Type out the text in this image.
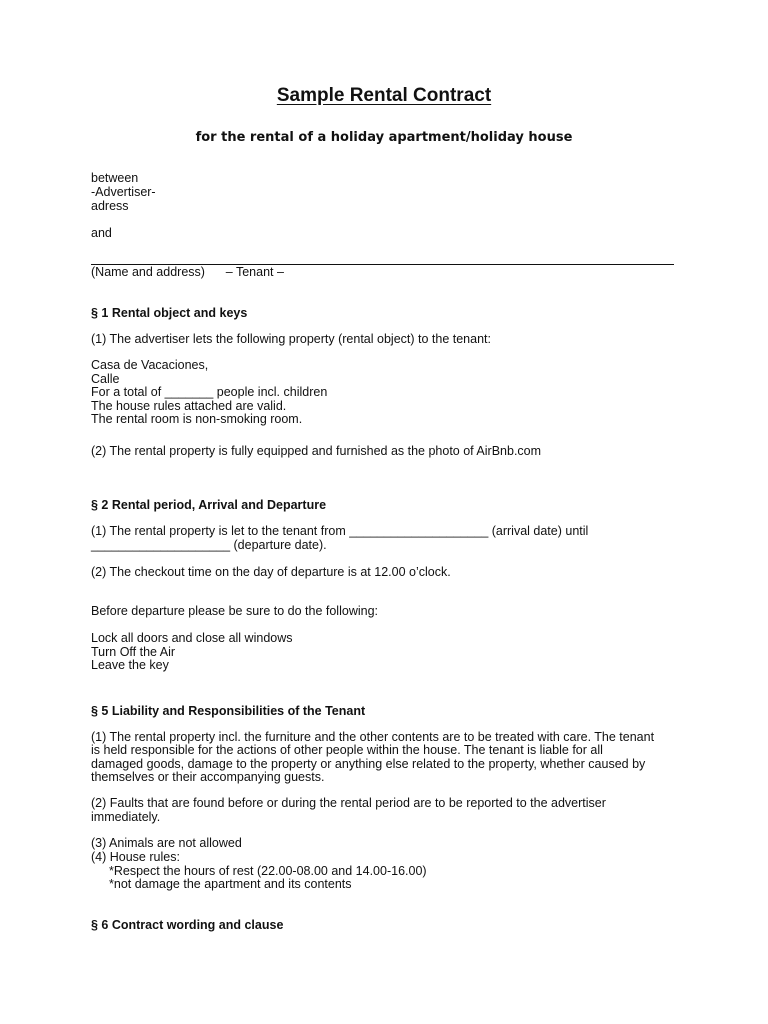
Sample Rental Contract
for the rental of a holiday apartment/holiday house
between
-Advertiser-
adress
and
(Name and address)      – Tenant –
§ 1 Rental object and keys
(1) The advertiser lets the following property (rental object) to the tenant:
Casa de Vacaciones,
Calle
For a total of _______ people incl. children
The house rules attached are valid.
The rental room is non-smoking room.
(2) The rental property is fully equipped and furnished as the photo of AirBnb.com
§ 2 Rental period, Arrival and Departure
(1) The rental property is let to the tenant from ____________________ (arrival date) until
____________________ (departure date).
(2) The checkout time on the day of departure is at 12.00 o’clock.
Before departure please be sure to do the following:
Lock all doors and close all windows
Turn Off the Air
Leave the key
§ 5 Liability and Responsibilities of the Tenant
(1) The rental property incl. the furniture and the other contents are to be treated with care. The tenant
is held responsible for the actions of other people within the house. The tenant is liable for all
damaged goods, damage to the property or anything else related to the property, whether caused by
themselves or their accompanying guests.
(2) Faults that are found before or during the rental period are to be reported to the advertiser
immediately.
(3) Animals are not allowed
(4) House rules:
*Respect the hours of rest (22.00-08.00 and 14.00-16.00)
*not damage the apartment and its contents
§ 6 Contract wording and clause
